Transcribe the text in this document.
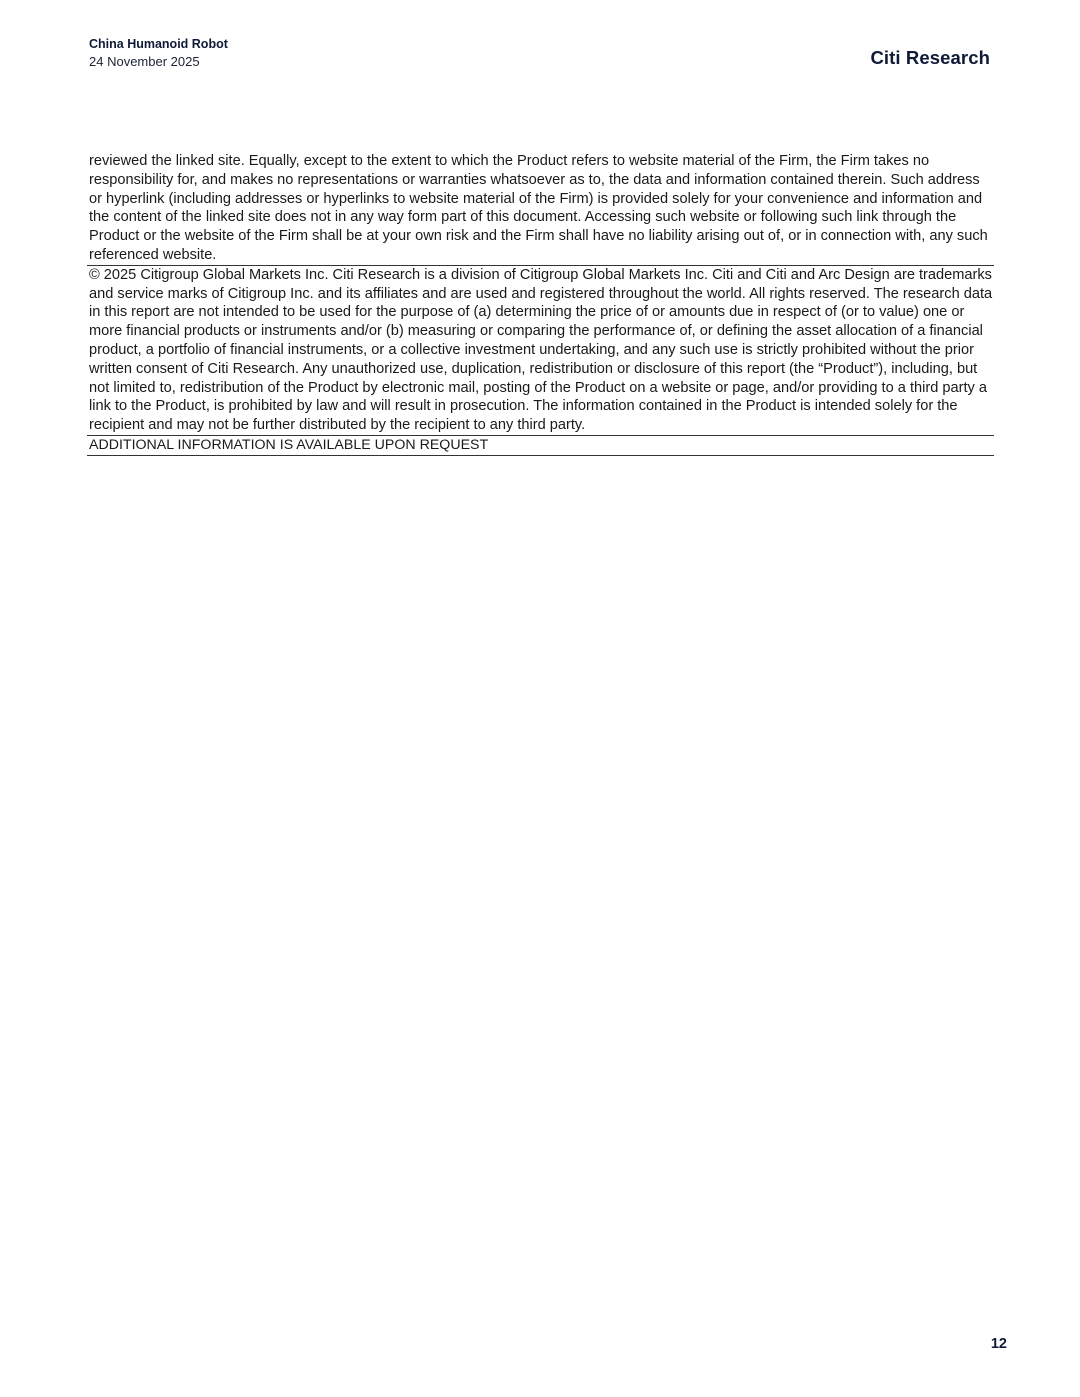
China Humanoid Robot
24 November 2025	Citi Research

reviewed the linked site. Equally, except to the extent to which the Product refers to website material of the Firm, the Firm takes no responsibility for, and makes no representations or warranties whatsoever as to, the data and information contained therein. Such address or hyperlink (including addresses or hyperlinks to website material of the Firm) is provided solely for your convenience and information and the content of the linked site does not in any way form part of this document. Accessing such website or following such link through the Product or the website of the Firm shall be at your own risk and the Firm shall have no liability arising out of, or in connection with, any such referenced website.

© 2025 Citigroup Global Markets Inc. Citi Research is a division of Citigroup Global Markets Inc. Citi and Citi and Arc Design are trademarks and service marks of Citigroup Inc. and its affiliates and are used and registered throughout the world. All rights reserved. The research data in this report are not intended to be used for the purpose of (a) determining the price of or amounts due in respect of (or to value) one or more financial products or instruments and/or (b) measuring or comparing the performance of, or defining the asset allocation of a financial product, a portfolio of financial instruments, or a collective investment undertaking, and any such use is strictly prohibited without the prior written consent of Citi Research. Any unauthorized use, duplication, redistribution or disclosure of this report (the “Product”), including, but not limited to, redistribution of the Product by electronic mail, posting of the Product on a website or page, and/or providing to a third party a link to the Product, is prohibited by law and will result in prosecution. The information contained in the Product is intended solely for the recipient and may not be further distributed by the recipient to any third party.

ADDITIONAL INFORMATION IS AVAILABLE UPON REQUEST

12
